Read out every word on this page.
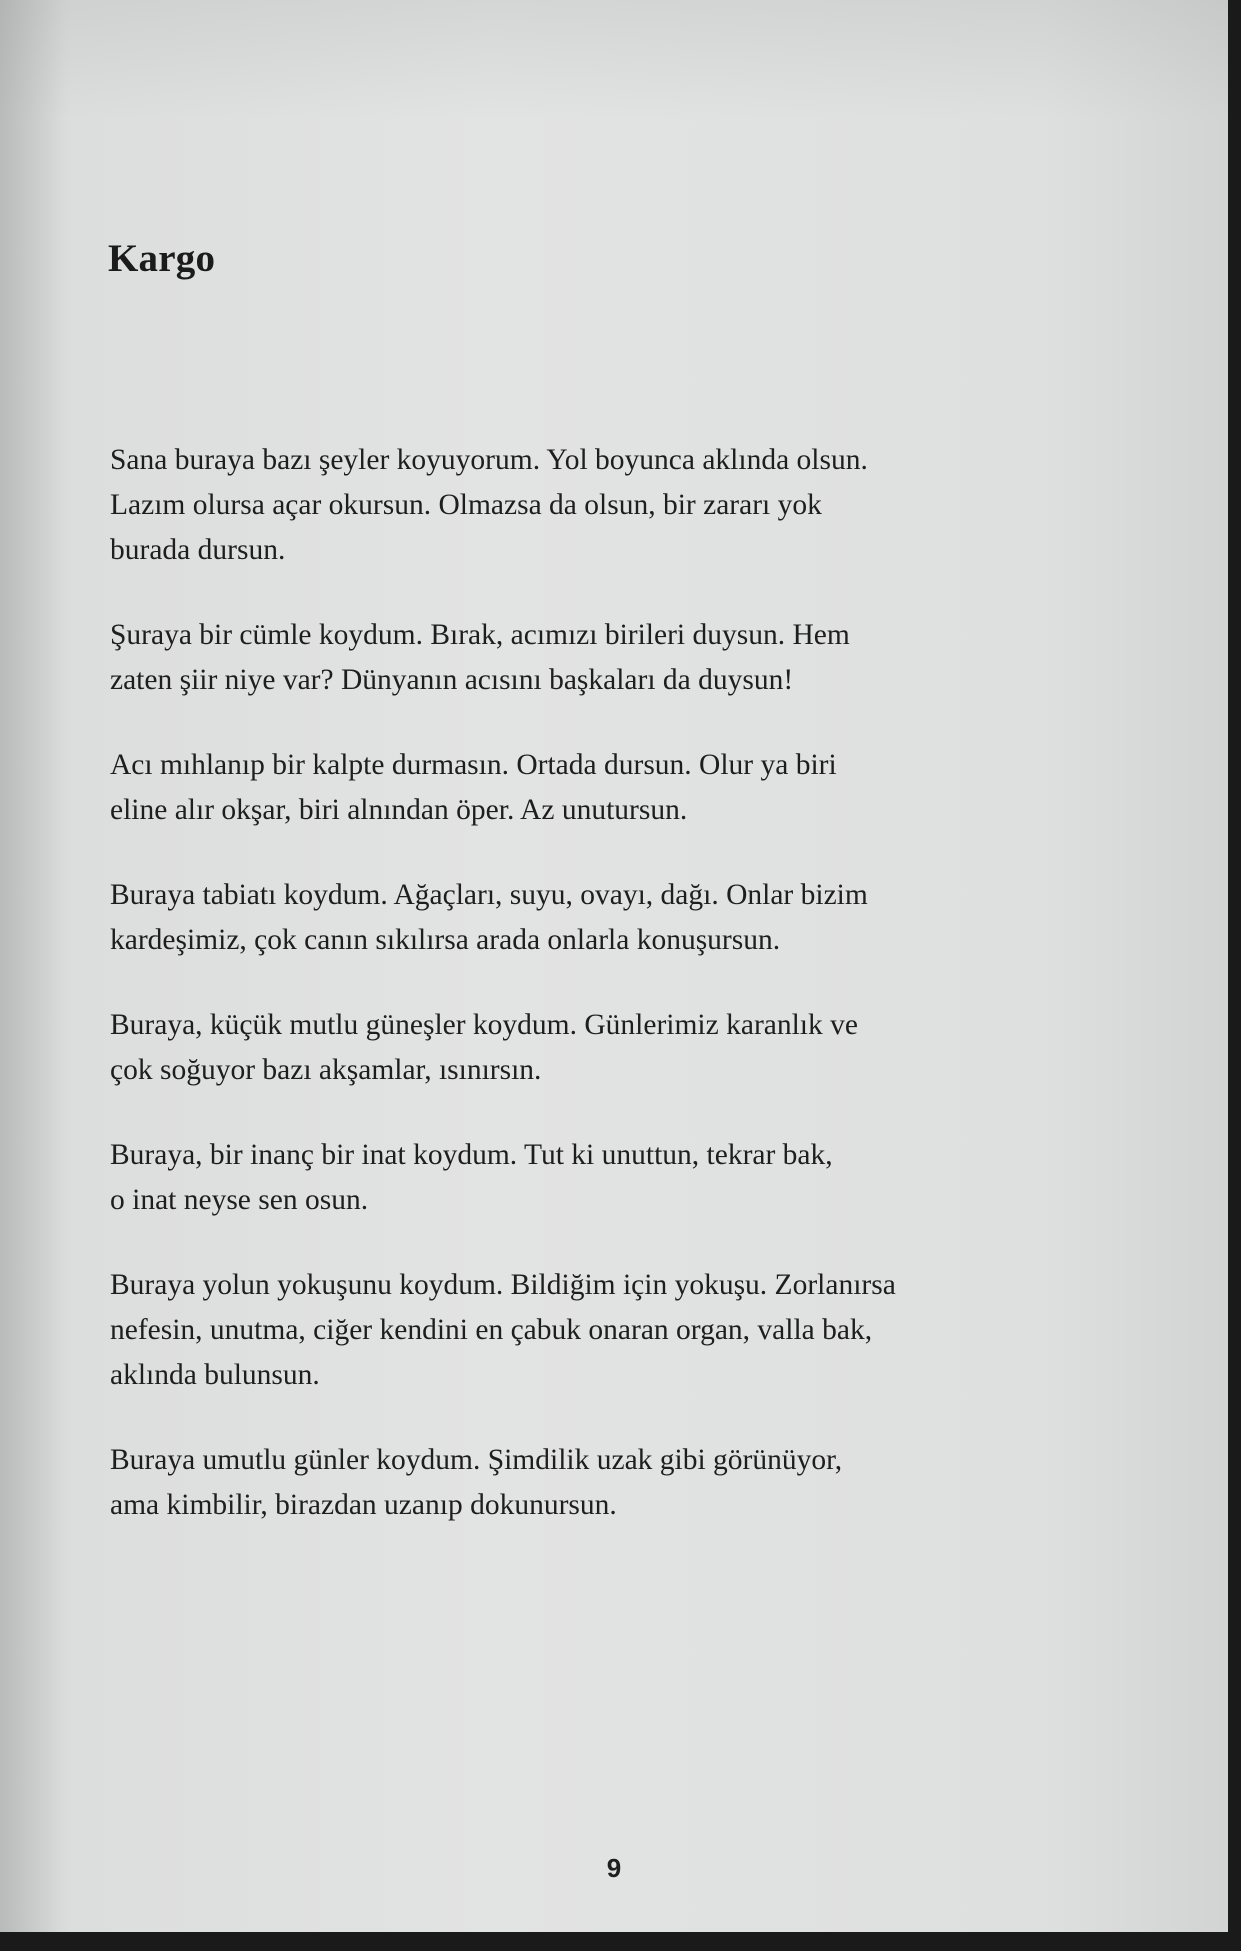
Kargo

Sana buraya bazı şeyler koyuyorum. Yol boyunca aklında olsun.
Lazım olursa açar okursun. Olmazsa da olsun, bir zararı yok
burada dursun.

Şuraya bir cümle koydum. Bırak, acımızı birileri duysun. Hem
zaten şiir niye var? Dünyanın acısını başkaları da duysun!

Acı mıhlanıp bir kalpte durmasın. Ortada dursun. Olur ya biri
eline alır okşar, biri alnından öper. Az unutursun.

Buraya tabiatı koydum. Ağaçları, suyu, ovayı, dağı. Onlar bizim
kardeşimiz, çok canın sıkılırsa arada onlarla konuşursun.

Buraya, küçük mutlu güneşler koydum. Günlerimiz karanlık ve
çok soğuyor bazı akşamlar, ısınırsın.

Buraya, bir inanç bir inat koydum. Tut ki unuttun, tekrar bak,
o inat neyse sen osun.

Buraya yolun yokuşunu koydum. Bildiğim için yokuşu. Zorlanırsa
nefesin, unutma, ciğer kendini en çabuk onaran organ, valla bak,
aklında bulunsun.

Buraya umutlu günler koydum. Şimdilik uzak gibi görünüyor,
ama kimbilir, birazdan uzanıp dokunursun.

9
